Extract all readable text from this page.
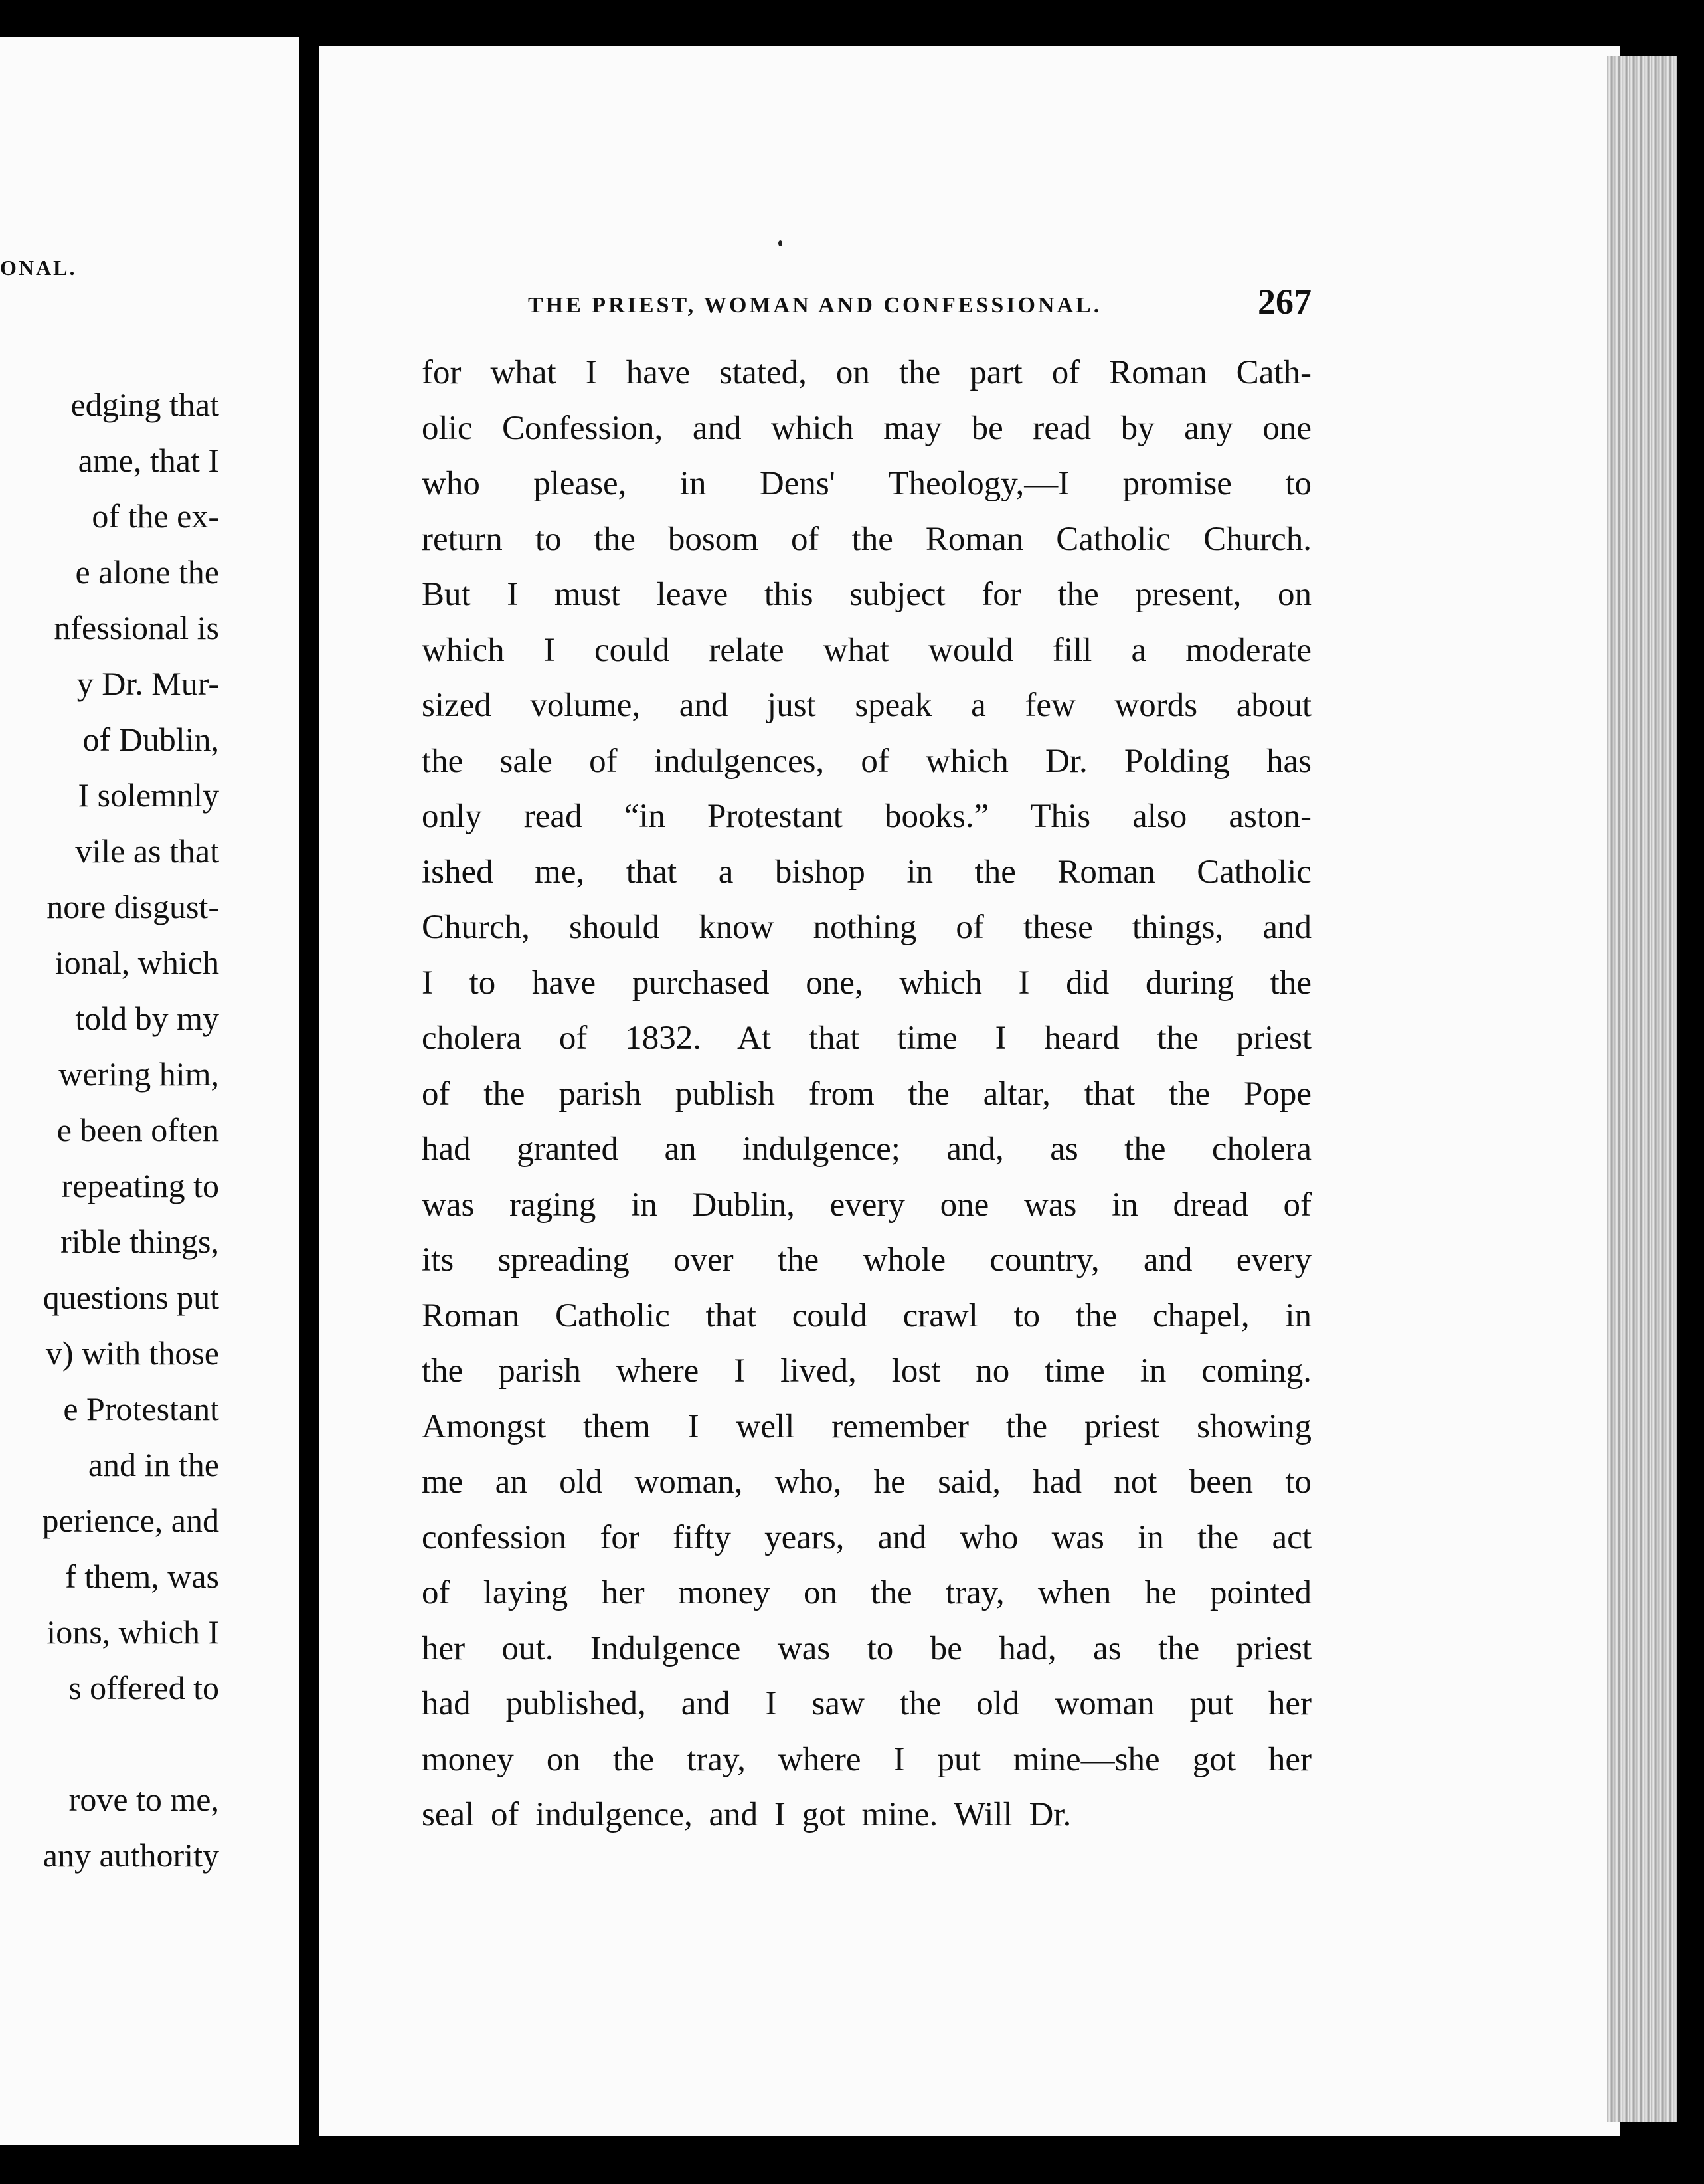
ONAL.
edging that
ame, that I
of the ex-
e alone the
nfessional is
y Dr. Mur-
of Dublin,
I solemnly
vile as that
nore disgust-
ional, which
told by my
wering him,
e been often
repeating to
rible things,
questions put
v) with those
e Protestant
and in the
perience, and
f them, was
ions, which I
s offered to
rove to me,
any authority
THE PRIEST, WOMAN AND CONFESSIONAL.	267
for what I have stated, on the part of Roman Cath-
olic Confession, and which may be read by any one
who please, in Dens' Theology,—I promise to
return to the bosom of the Roman Catholic Church.
But I must leave this subject for the present, on
which I could relate what would fill a moderate
sized volume, and just speak a few words about
the sale of indulgences, of which Dr. Polding has
only read “in Protestant books.” This also aston-
ished me, that a bishop in the Roman Catholic
Church, should know nothing of these things, and
I to have purchased one, which I did during the
cholera of 1832. At that time I heard the priest
of the parish publish from the altar, that the Pope
had granted an indulgence; and, as the cholera
was raging in Dublin, every one was in dread of
its spreading over the whole country, and every
Roman Catholic that could crawl to the chapel, in
the parish where I lived, lost no time in coming.
Amongst them I well remember the priest showing
me an old woman, who, he said, had not been to
confession for fifty years, and who was in the act
of laying her money on the tray, when he pointed
her out. Indulgence was to be had, as the priest
had published, and I saw the old woman put her
money on the tray, where I put mine—she got her
seal of indulgence, and I got mine. Will Dr.
